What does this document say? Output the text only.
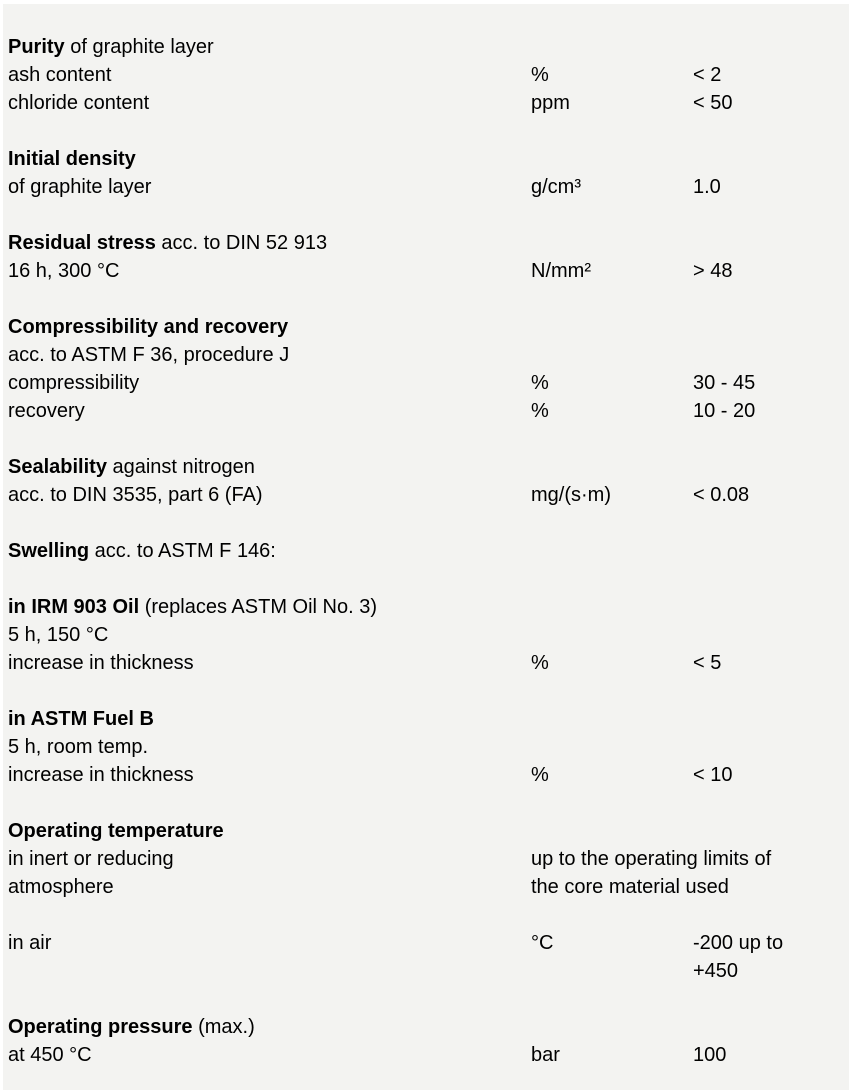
Purity of graphite layer
ash content	%	< 2
chloride content	ppm	< 50
Initial density
of graphite layer	g/cm³	1.0
Residual stress acc. to DIN 52 913
16 h, 300 °C	N/mm²	> 48
Compressibility and recovery
acc. to ASTM F 36, procedure J
compressibility	%	30 - 45
recovery	%	10 - 20
Sealability against nitrogen
acc. to DIN 3535, part 6 (FA)	mg/(s·m)	< 0.08
Swelling acc. to ASTM F 146:
in IRM 903 Oil (replaces ASTM Oil No. 3)
5 h, 150 °C
increase in thickness	%	< 5
in ASTM Fuel B
5 h, room temp.
increase in thickness	%	< 10
Operating temperature
in inert or reducing	up to the operating limits of
atmosphere	the core material used
in air	°C	-200 up to
+450
Operating pressure (max.)
at 450 °C	bar	100
